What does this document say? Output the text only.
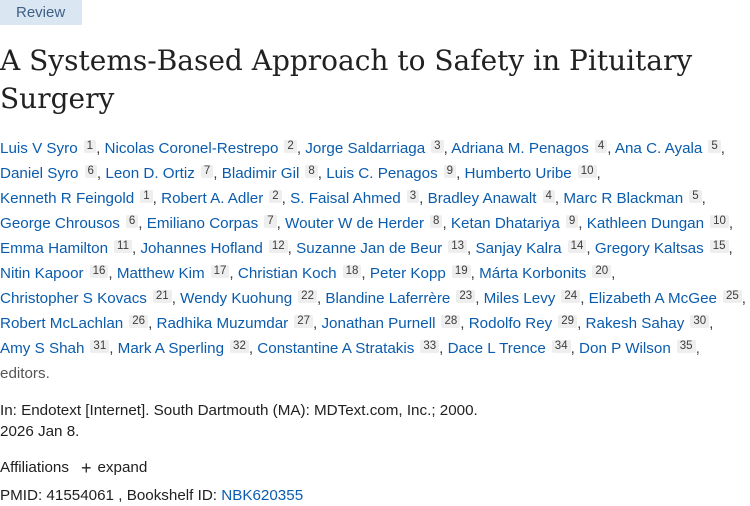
Review
A Systems-Based Approach to Safety in Pituitary Surgery
Luis V Syro 1 , Nicolas Coronel-Restrepo 2 , Jorge Saldarriaga 3 , Adriana M. Penagos 4 , Ana C. Ayala 5 , Daniel Syro 6 , Leon D. Ortiz 7 , Bladimir Gil 8 , Luis C. Penagos 9 , Humberto Uribe 10 , Kenneth R Feingold 1 , Robert A. Adler 2 , S. Faisal Ahmed 3 , Bradley Anawalt 4 , Marc R Blackman 5 , George Chrousos 6 , Emiliano Corpas 7 , Wouter W de Herder 8 , Ketan Dhatariya 9 , Kathleen Dungan 10 , Emma Hamilton 11 , Johannes Hofland 12 , Suzanne Jan de Beur 13 , Sanjay Kalra 14 , Gregory Kaltsas 15 , Nitin Kapoor 16 , Matthew Kim 17 , Christian Koch 18 , Peter Kopp 19 , Márta Korbonits 20 , Christopher S Kovacs 21 , Wendy Kuohung 22 , Blandine Laferrère 23 , Miles Levy 24 , Elizabeth A McGee 25 , Robert McLachlan 26 , Radhika Muzumdar 27 , Jonathan Purnell 28 , Rodolfo Rey 29 , Rakesh Sahay 30 , Amy S Shah 31 , Mark A Sperling 32 , Constantine A Stratakis 33 , Dace L Trence 34 , Don P Wilson 35 , editors.
In: Endotext [Internet]. South Dartmouth (MA): MDText.com, Inc.; 2000.
2026 Jan 8.
Affiliations + expand
PMID: 41554061 , Bookshelf ID: NBK620355
